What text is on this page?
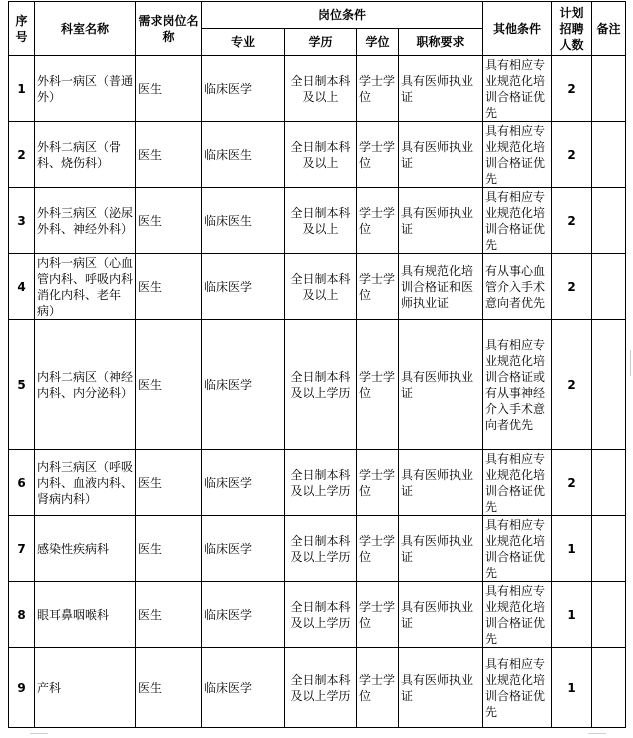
序号	科室名称	需求岗位名称	岗位条件				其他条件	计划招聘人数	备注
			专业	学历	学位	职称要求			
1	外科一病区（普通外）	医生	临床医学	全日制本科及以上	学士学位	具有医师执业证	具有相应专业规范化培训合格证优先	2	
2	外科二病区（骨科、烧伤科）	医生	临床医生	全日制本科及以上	学士学位	具有医师执业证	具有相应专业规范化培训合格证优先	2	
3	外科三病区（泌尿外科、神经外科）	医生	临床医生	全日制本科及以上	学士学位	具有医师执业证	具有相应专业规范化培训合格证优先	2	
4	内科一病区（心血管内科、呼吸内科消化内科、老年病）	医生	临床医学	全日制本科及以上	学士学位	具有规范化培训合格证和医师执业证	有从事心血管介入手术意向者优先	2	
5	内科二病区（神经内科、内分泌科）	医生	临床医学	全日制本科及以上学历	学士学位	具有医师执业证	具有相应专业规范化培训合格证或有从事神经介入手术意向者优先	2	
6	内科三病区（呼吸内科、血液内科、肾病内科）	医生	临床医学	全日制本科及以上学历	学士学位	具有医师执业证	具有相应专业规范化培训合格证优先	2	
7	感染性疾病科	医生	临床医学	全日制本科及以上学历	学士学位	具有医师执业证	具有相应专业规范化培训合格证优先	1	
8	眼耳鼻咽喉科	医生	临床医学	全日制本科及以上学历	学士学位	具有医师执业证	具有相应专业规范化培训合格证优先	1	
9	产科	医生	临床医学	全日制本科及以上学历	学士学位	具有医师执业证	具有相应专业规范化培训合格证优先	1	
